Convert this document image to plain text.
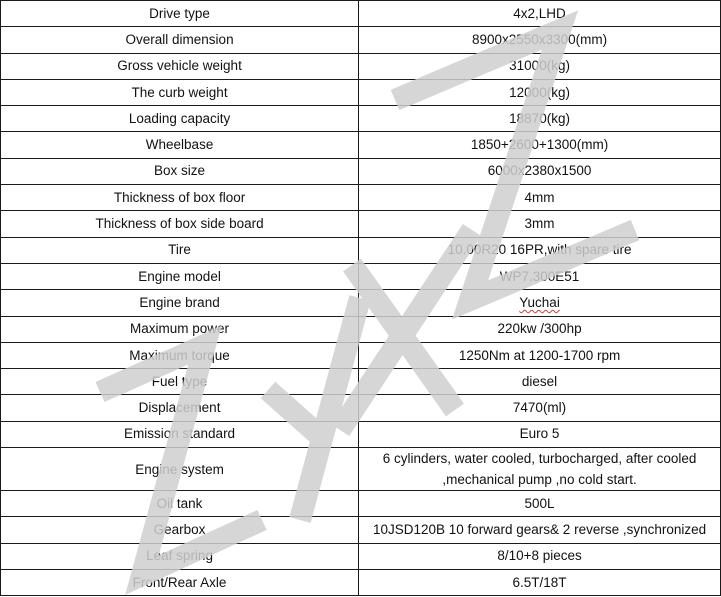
Drive type	4x2,LHD
Overall dimension	8900x2550x3300(mm)
Gross vehicle weight	31000(kg)
The curb weight	12000(kg)
Loading capacity	18870(kg)
Wheelbase	1850+2600+1300(mm)
Box size	6000x2380x1500
Thickness of box floor	4mm
Thickness of box side board	3mm
Tire	10.00R20 16PR,with spare tire
Engine model	WP7.300E51
Engine brand	Yuchai
Maximum power	220kw /300hp
Maximum torque	1250Nm at 1200-1700 rpm
Fuel type	diesel
Displacement	7470(ml)
Emission standard	Euro 5
Engine system	6 cylinders, water cooled, turbocharged, after cooled ,mechanical pump ,no cold start.
Oil tank	500L
Gearbox	10JSD120B 10 forward gears& 2 reverse ,synchronized
Leaf spring	8/10+8 pieces
Front/Rear Axle	6.5T/18T
